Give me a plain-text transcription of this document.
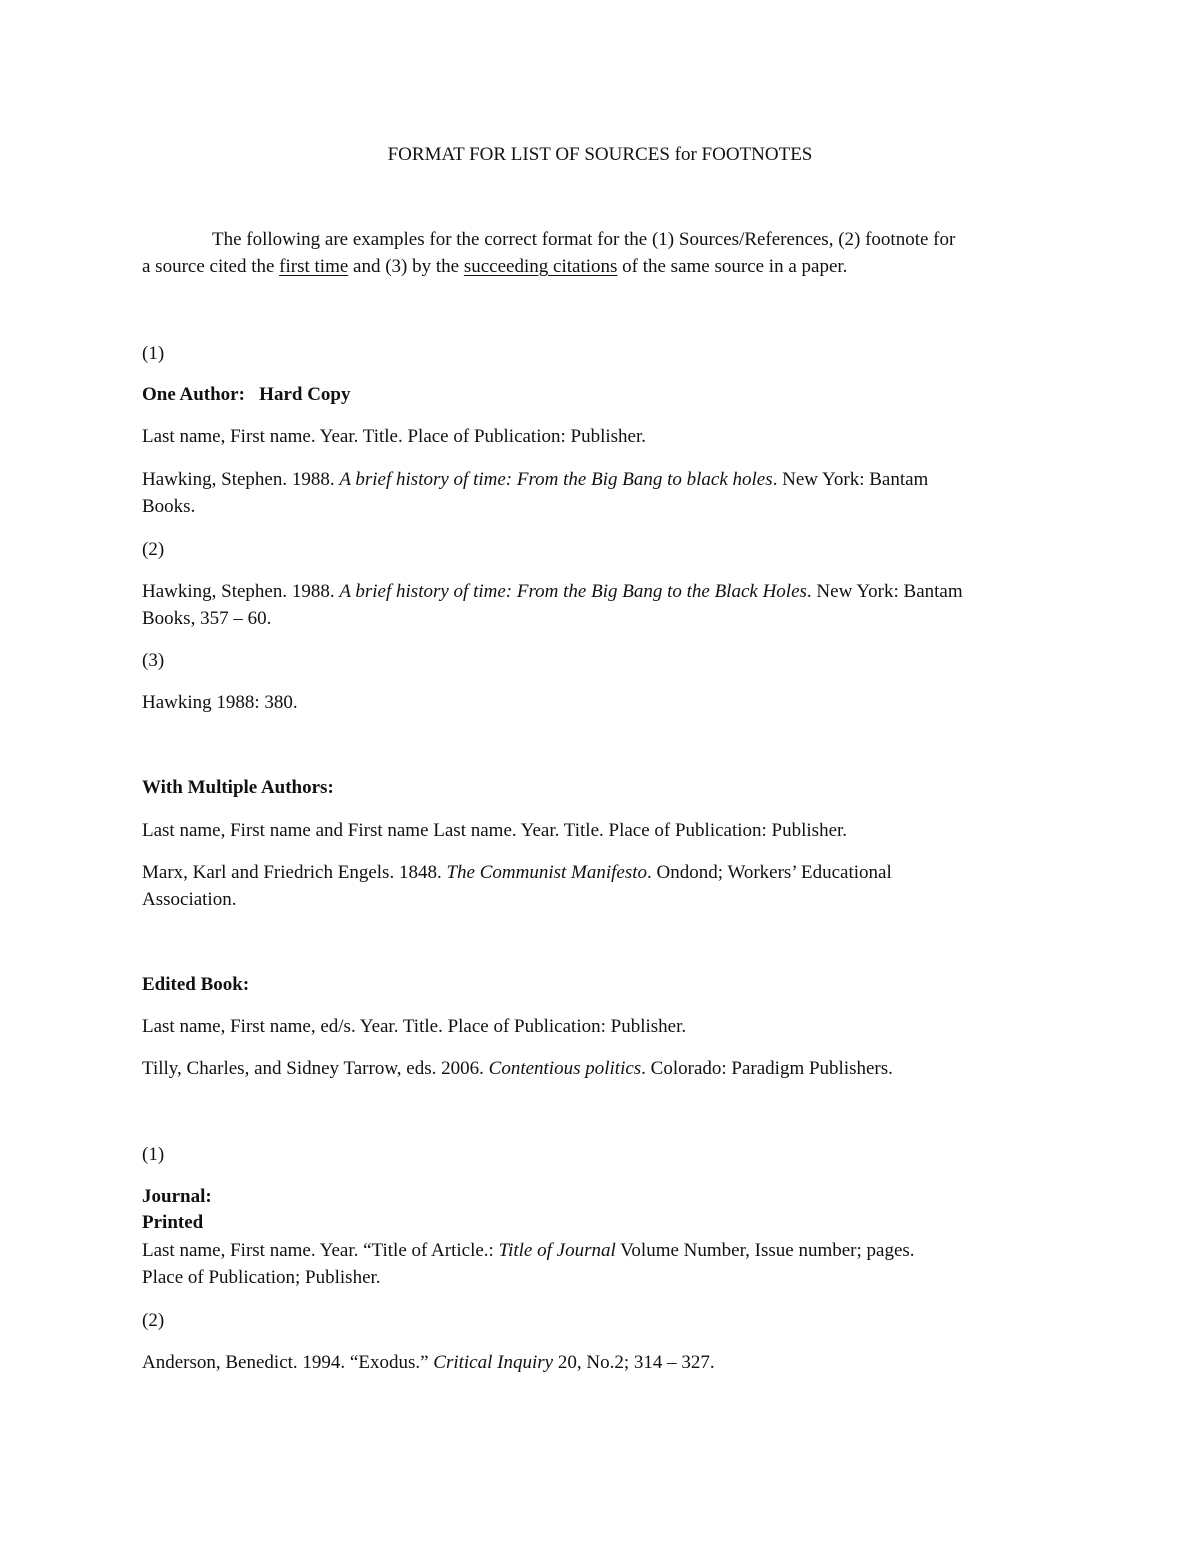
FORMAT FOR LIST OF SOURCES for FOOTNOTES
The following are examples for the correct format for the (1) Sources/References, (2) footnote for
a source cited the first time and (3) by the succeeding citations of the same source in a paper.
(1)
One Author:   Hard Copy
Last name, First name. Year. Title. Place of Publication: Publisher.
Hawking, Stephen. 1988. A brief history of time: From the Big Bang to black holes. New York: Bantam
Books.
(2)
Hawking, Stephen. 1988. A brief history of time: From the Big Bang to the Black Holes. New York: Bantam
Books, 357 – 60.
(3)
Hawking 1988: 380.
With Multiple Authors:
Last name, First name and First name Last name. Year. Title. Place of Publication: Publisher.
Marx, Karl and Friedrich Engels. 1848. The Communist Manifesto. Ondond; Workers’ Educational
Association.
Edited Book:
Last name, First name, ed/s. Year. Title. Place of Publication: Publisher.
Tilly, Charles, and Sidney Tarrow, eds. 2006. Contentious politics. Colorado: Paradigm Publishers.
(1)
Journal:
Printed
Last name, First name. Year. “Title of Article.: Title of Journal Volume Number, Issue number; pages.
Place of Publication; Publisher.
(2)
Anderson, Benedict. 1994. “Exodus.” Critical Inquiry 20, No.2; 314 – 327.
